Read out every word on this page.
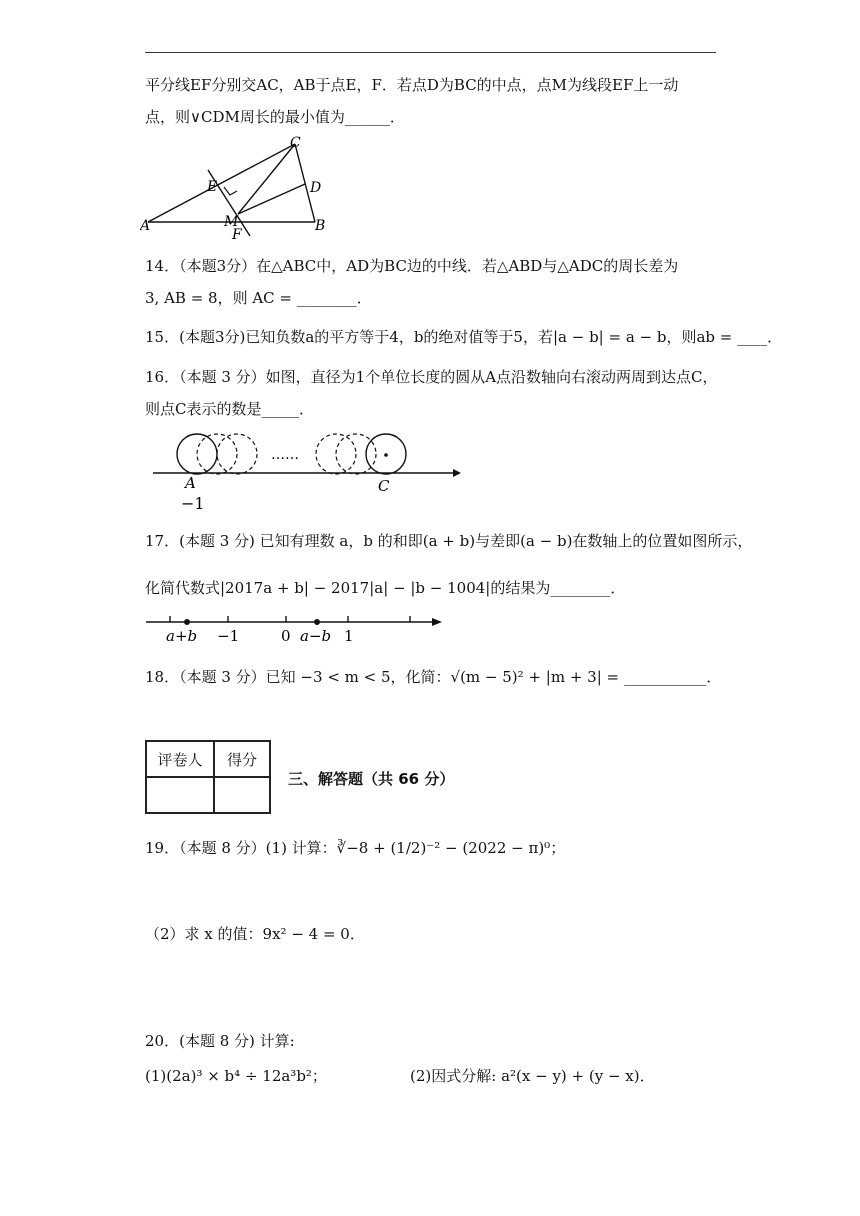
平分线EF分别交AC，AB于点E，F．若点D为BC的中点，点M为线段EF上一动
点，则∨CDM周长的最小值为______．
A	B
C
D
E
F
M
14．（本题3分）在△ABC中，AD为BC边的中线．若△ABD与△ADC的周长差为
3, AB = 8，则 AC = ________．
15．(本题3分)已知负数a的平方等于4，b的绝对值等于5，若|a − b| = a − b，则ab = ____．
16．（本题 3 分）如图，直径为1个单位长度的圆从A点沿数轴向右滚动两周到达点C，
则点C表示的数是_____．
……
A
−1
C
17．(本题 3 分) 已知有理数 a，b 的和即(a + b)与差即(a − b)在数轴上的位置如图所示，
化简代数式|2017a + b| − 2017|a| − |b − 1004|的结果为________．
a+b −1	0 a−b 1
18．（本题 3 分）已知 −3 < m < 5，化简：√(m − 5)² + |m + 3| = ___________．
评卷人	得分

三、解答题（共 66 分）
19．（本题 8 分）(1) 计算：∛−8 + (1/2)⁻² − (2022 − π)⁰；
（2）求 x 的值：9x² − 4 = 0．
20．(本题 8 分) 计算:
(1)(2a)³ × b⁴ ÷ 12a³b²；	(2)因式分解: a²(x − y) + (y − x)．
